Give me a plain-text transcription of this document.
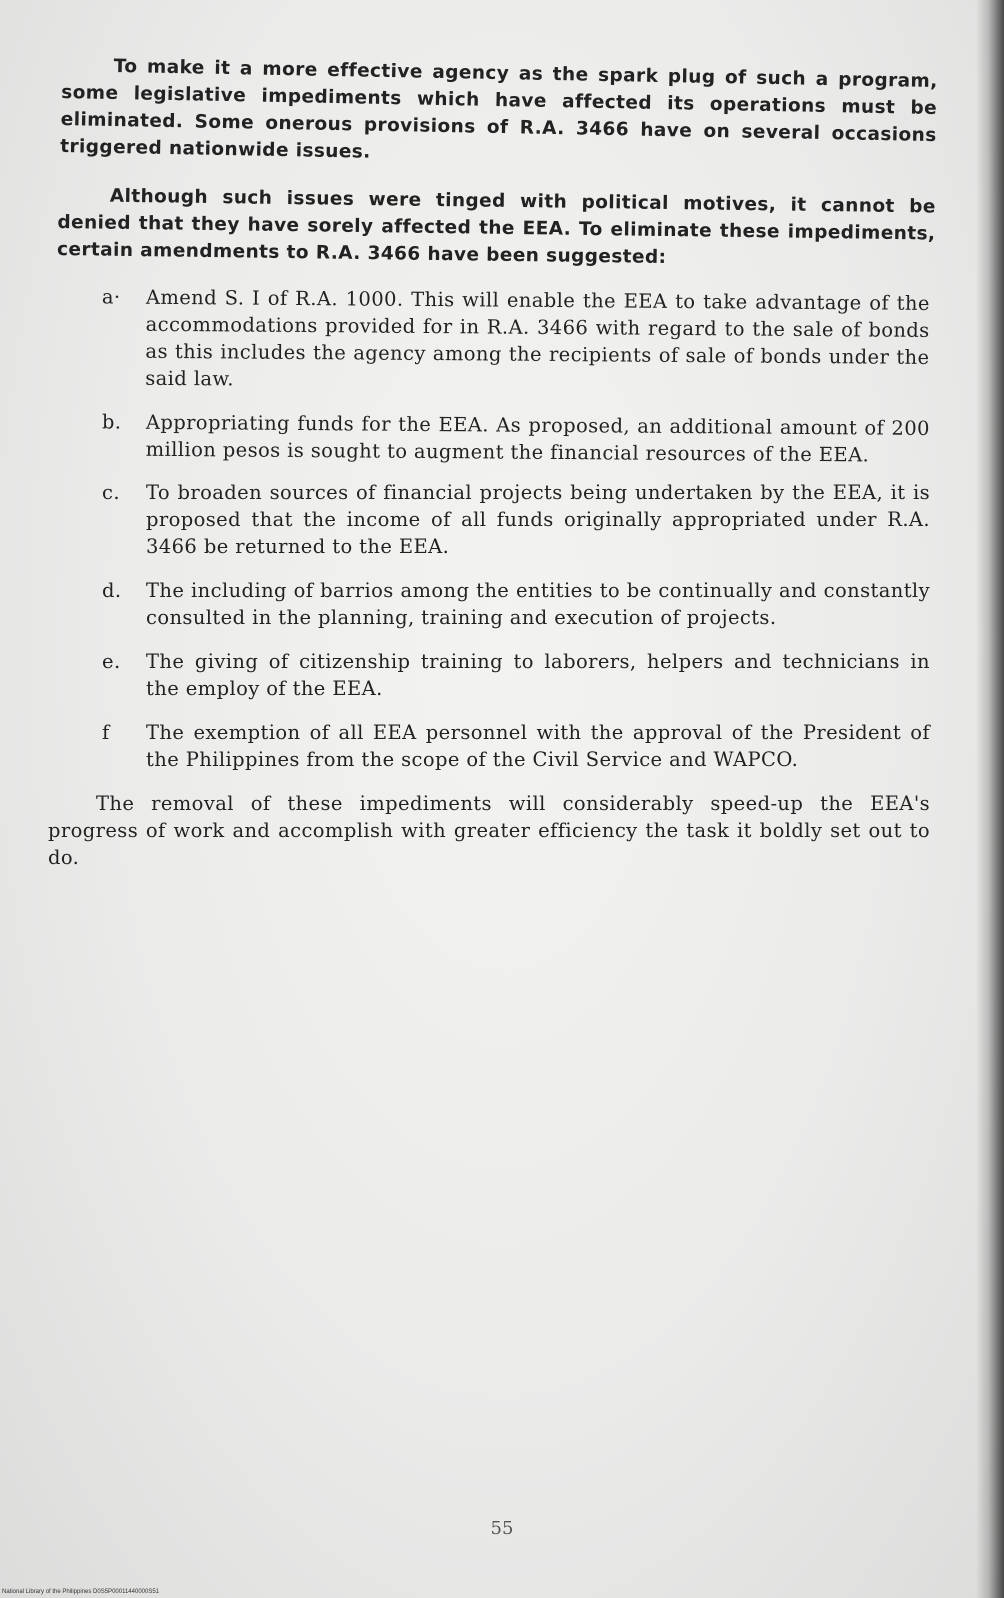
To make it a more effective agency as the spark plug of such a program, some legislative impediments which have affected its operations must be eliminated. Some onerous provisions of R.A. 3466 have on several occasions triggered nationwide issues.

Although such issues were tinged with political motives, it cannot be denied that they have sorely affected the EEA. To eliminate these impediments, certain amendments to R.A. 3466 have been suggested:

a· Amend S. I of R.A. 1000. This will enable the EEA to take advantage of the accommodations provided for in R.A. 3466 with regard to the sale of bonds as this includes the agency among the recipients of sale of bonds under the said law.
b. Appropriating funds for the EEA. As proposed, an additional amount of 200 million pesos is sought to augment the financial resources of the EEA.
c. To broaden sources of financial projects being undertaken by the EEA, it is proposed that the income of all funds originally appropriated under R.A. 3466 be returned to the EEA.
d. The including of barrios among the entities to be continually and constantly consulted in the planning, training and execution of projects.
e. The giving of citizenship training to laborers, helpers and technicians in the employ of the EEA.
f The exemption of all EEA personnel with the approval of the President of the Philippines from the scope of the Civil Service and WAPCO.

The removal of these impediments will considerably speed-up the EEA's progress of work and accomplish with greater efficiency the task it boldly set out to do.

55
National Library of the Philippines D0S5P00011440000S51
